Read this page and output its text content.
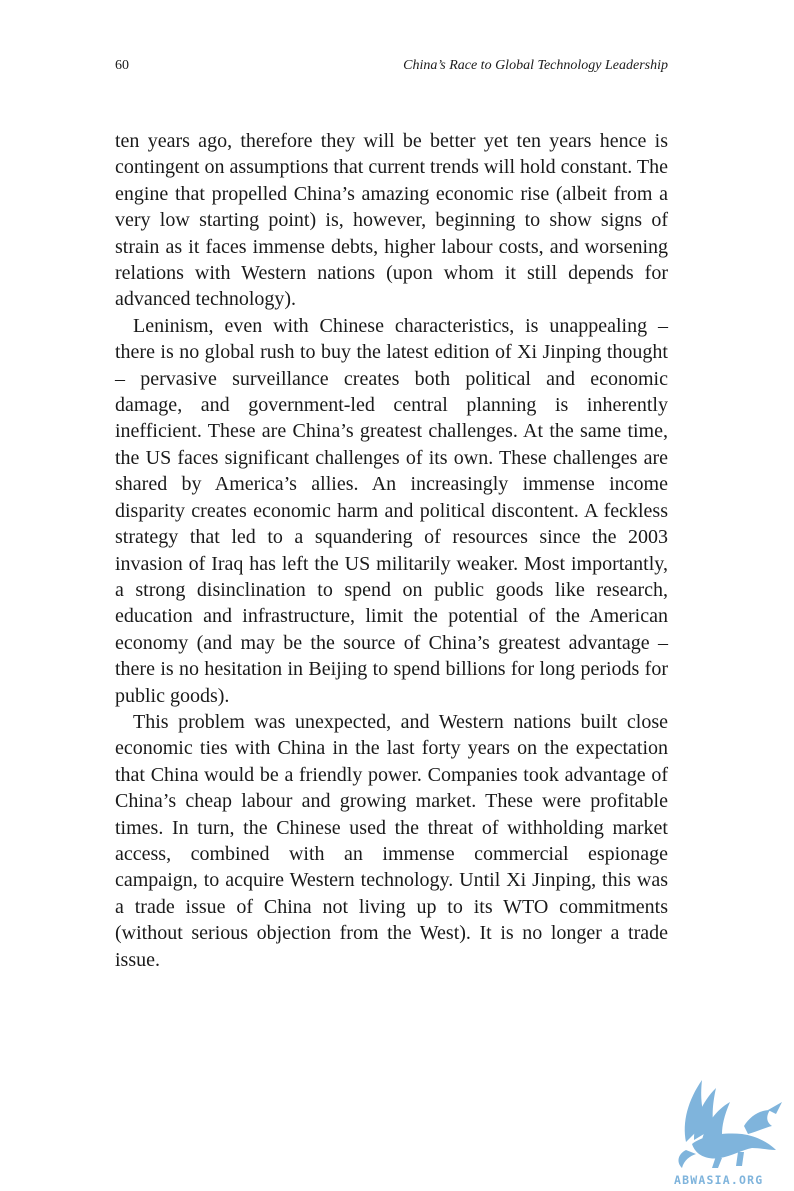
60	China’s Race to Global Technology Leadership

ten years ago, therefore they will be better yet ten years hence is contingent on assumptions that current trends will hold constant. The engine that propelled China’s amazing economic rise (albeit from a very low starting point) is, however, beginning to show signs of strain as it faces immense debts, higher labour costs, and worsening relations with Western nations (upon whom it still depends for advanced technology).

Leninism, even with Chinese characteristics, is unappealing – there is no global rush to buy the latest edition of Xi Jinping thought – pervasive surveillance creates both political and economic damage, and government-led central planning is inherently inefficient. These are China’s greatest challenges. At the same time, the US faces significant challenges of its own. These challenges are shared by America’s allies. An increasingly immense income disparity creates economic harm and political discontent. A feckless strategy that led to a squandering of resources since the 2003 invasion of Iraq has left the US militarily weaker. Most importantly, a strong disinclination to spend on public goods like research, education and infrastructure, limit the potential of the American economy (and may be the source of China’s greatest advantage – there is no hesitation in Beijing to spend billions for long periods for public goods).

This problem was unexpected, and Western nations built close economic ties with China in the last forty years on the expectation that China would be a friendly power. Companies took advantage of China’s cheap labour and growing market. These were profitable times. In turn, the Chinese used the threat of withholding market access, combined with an immense commercial espionage campaign, to acquire Western technology. Until Xi Jinping, this was a trade issue of China not living up to its WTO commitments (without serious objection from the West). It is no longer a trade issue.

ABWASIA.ORG
